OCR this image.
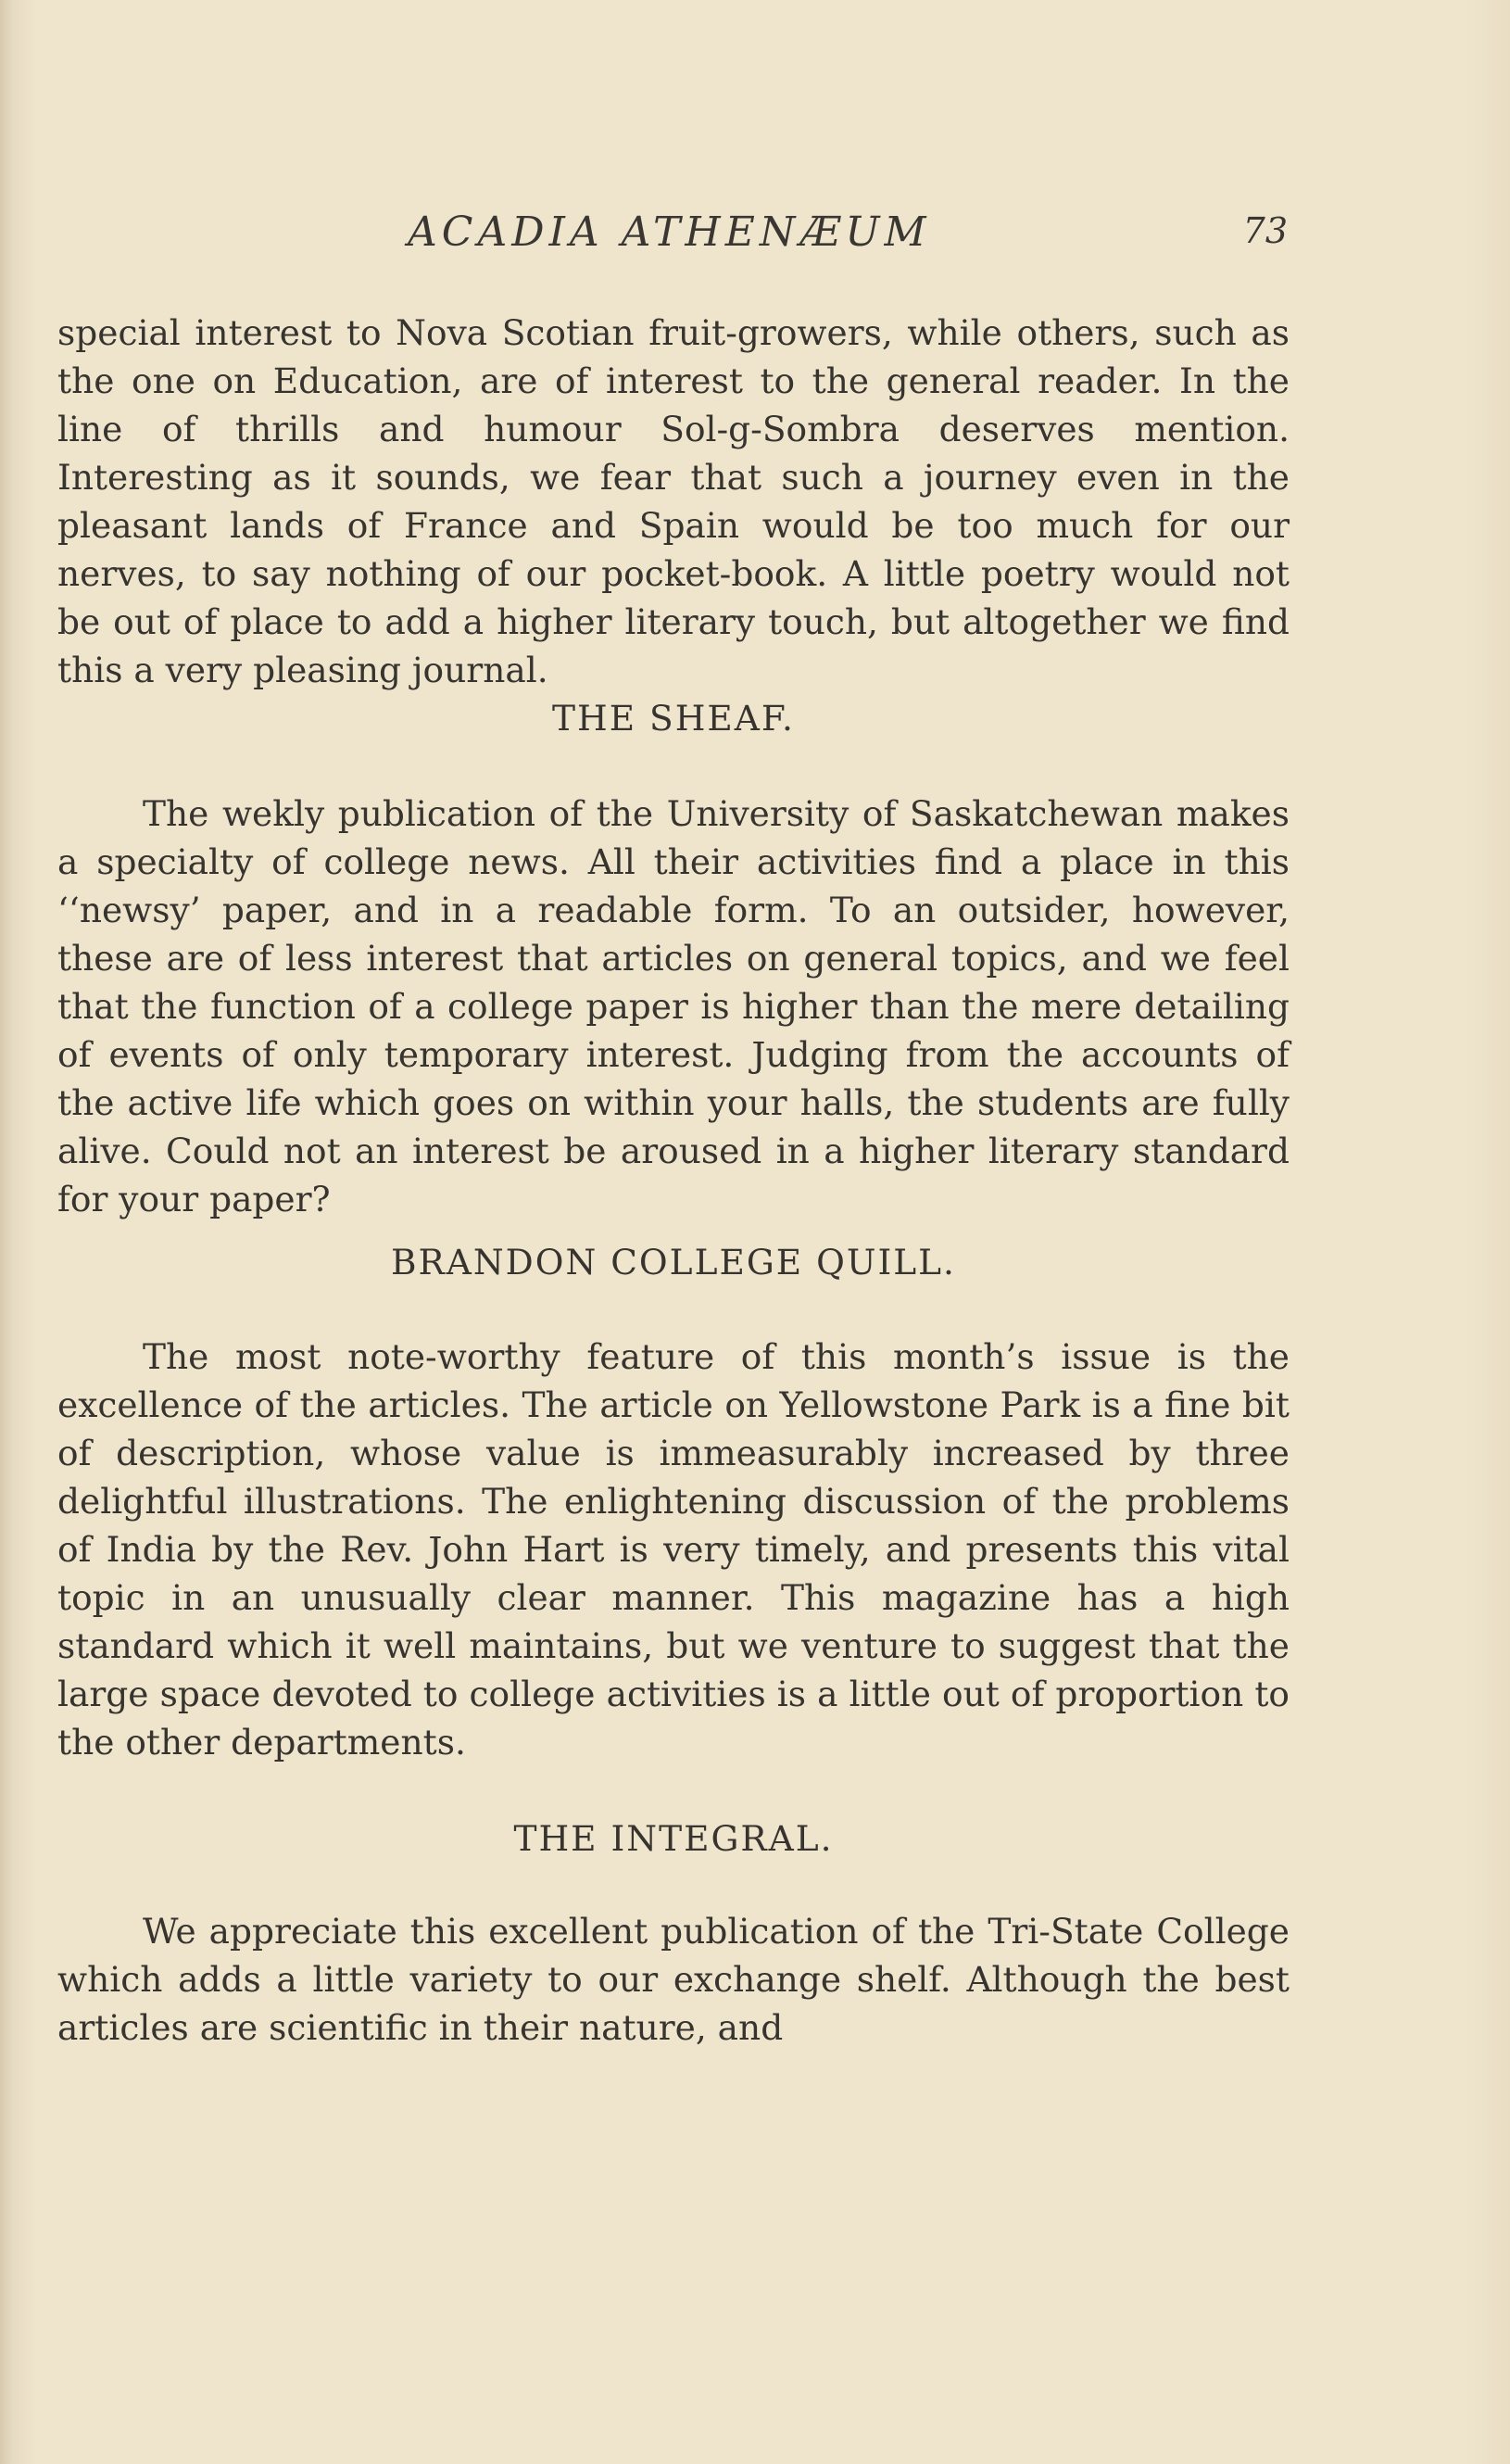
ACADIA ATHENÆUM	73

special interest to Nova Scotian fruit-growers, while others, such as the one on Education, are of interest to the general reader. In the line of thrills and humour Sol-g-Sombra deserves mention. Interesting as it sounds, we fear that such a journey even in the pleasant lands of France and Spain would be too much for our nerves, to say nothing of our pocket-book. A little poetry would not be out of place to add a higher literary touch, but altogether we find this a very pleasing journal.

THE SHEAF.

The wekly publication of the University of Saskatchewan makes a specialty of college news. All their activities find a place in this ‘‘newsy’ paper, and in a readable form. To an outsider, however, these are of less interest that articles on general topics, and we feel that the function of a college paper is higher than the mere detailing of events of only temporary interest. Judging from the accounts of the active life which goes on within your halls, the students are fully alive. Could not an interest be aroused in a higher literary standard for your paper?

BRANDON COLLEGE QUILL.

The most note-worthy feature of this month’s issue is the excellence of the articles. The article on Yellowstone Park is a fine bit of description, whose value is immeasurably increased by three delightful illustrations. The enlightening discussion of the problems of India by the Rev. John Hart is very timely, and presents this vital topic in an unusually clear manner. This magazine has a high standard which it well maintains, but we venture to suggest that the large space devoted to college activities is a little out of proportion to the other departments.

THE INTEGRAL.

We appreciate this excellent publication of the Tri-State College which adds a little variety to our exchange shelf. Although the best articles are scientific in their nature, and
